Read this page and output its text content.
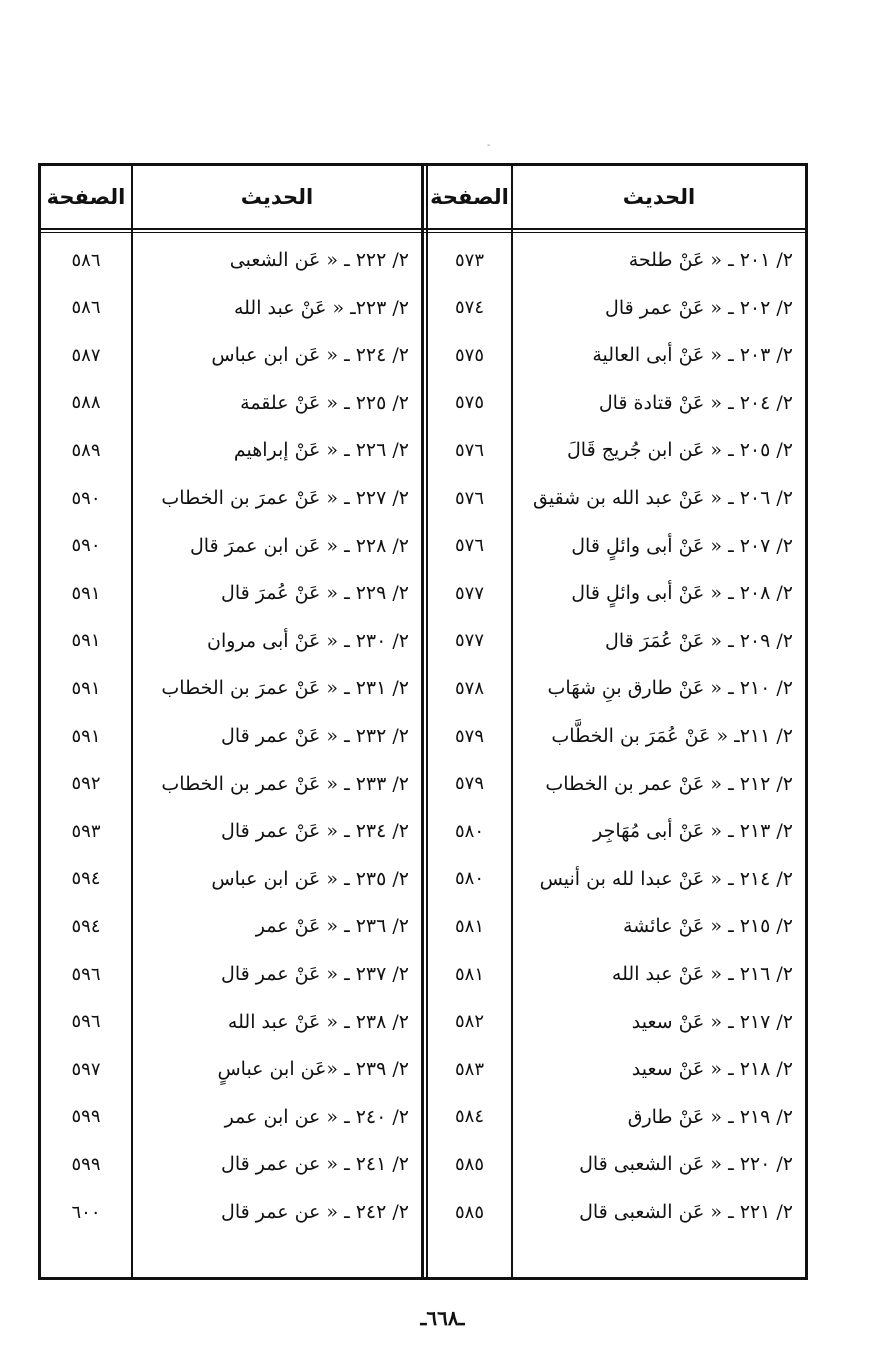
‐
الصفحة	الحديث	الصفحة	الحديث
٥٨٦	٢/ ٢٢٢ ـ « عَن الشعبى	٥٧٣	٢/ ٢٠١ ـ « عَنْ طلحة
٥٨٦	٢/ ٢٢٣ـ « عَنْ عبد الله	٥٧٤	٢/ ٢٠٢ ـ « عَنْ عمر قال
٥٨٧	٢/ ٢٢٤ ـ « عَن ابن عباس	٥٧٥	٢/ ٢٠٣ ـ « عَنْ أبى العالية
٥٨٨	٢/ ٢٢٥ ـ « عَنْ علقمة	٥٧٥	٢/ ٢٠٤ ـ « عَنْ قتادة قال
٥٨٩	٢/ ٢٢٦ ـ « عَنْ إبراهيم	٥٧٦	٢/ ٢٠٥ ـ « عَن ابن جُريج قَالَ
٥٩٠	٢/ ٢٢٧ ـ « عَنْ عمرَ بن الخطاب	٥٧٦	٢/ ٢٠٦ ـ « عَنْ عبد الله بن شقيق
٥٩٠	٢/ ٢٢٨ ـ « عَن ابن عمرَ قال	٥٧٦	٢/ ٢٠٧ ـ « عَنْ أبى وائلٍ قال
٥٩١	٢/ ٢٢٩ ـ « عَنْ عُمرَ قال	٥٧٧	٢/ ٢٠٨ ـ « عَنْ أبى وائلٍ قال
٥٩١	٢/ ٢٣٠ ـ « عَنْ أبى مروان	٥٧٧	٢/ ٢٠٩ ـ « عَنْ عُمَرَ قال
٥٩١	٢/ ٢٣١ ـ « عَنْ عمرَ بن الخطاب	٥٧٨	٢/ ٢١٠ ـ « عَنْ طارق بنِ شهَاب
٥٩١	٢/ ٢٣٢ ـ « عَنْ عمر قال	٥٧٩	٢/ ٢١١ـ « عَنْ عُمَرَ بن الخطَّاب
٥٩٢	٢/ ٢٣٣ ـ « عَنْ عمر بن الخطاب	٥٧٩	٢/ ٢١٢ ـ « عَنْ عمر بن الخطاب
٥٩٣	٢/ ٢٣٤ ـ « عَنْ عمر قال	٥٨٠	٢/ ٢١٣ ـ « عَنْ أبى مُهَاجِر
٥٩٤	٢/ ٢٣٥ ـ « عَن ابن عباس	٥٨٠	٢/ ٢١٤ ـ « عَنْ عبدا لله بن أنيس
٥٩٤	٢/ ٢٣٦ ـ « عَنْ عمر	٥٨١	٢/ ٢١٥ ـ « عَنْ عائشة
٥٩٦	٢/ ٢٣٧ ـ « عَنْ عمر قال	٥٨١	٢/ ٢١٦ ـ « عَنْ عبد الله
٥٩٦	٢/ ٢٣٨ ـ « عَنْ عبد الله	٥٨٢	٢/ ٢١٧ ـ « عَنْ سعيد
٥٩٧	٢/ ٢٣٩ ـ «عَن ابن عباسٍ	٥٨٣	٢/ ٢١٨ ـ « عَنْ سعيد
٥٩٩	٢/ ٢٤٠ ـ « عن ابن عمر	٥٨٤	٢/ ٢١٩ ـ « عَنْ طارق
٥٩٩	٢/ ٢٤١ ـ « عن عمر قال	٥٨٥	٢/ ٢٢٠ ـ « عَن الشعبى قال
٦٠٠	٢/ ٢٤٢ ـ « عن عمر قال	٥٨٥	٢/ ٢٢١ ـ « عَن الشعبى قال
ـ٦٦٨ـ
